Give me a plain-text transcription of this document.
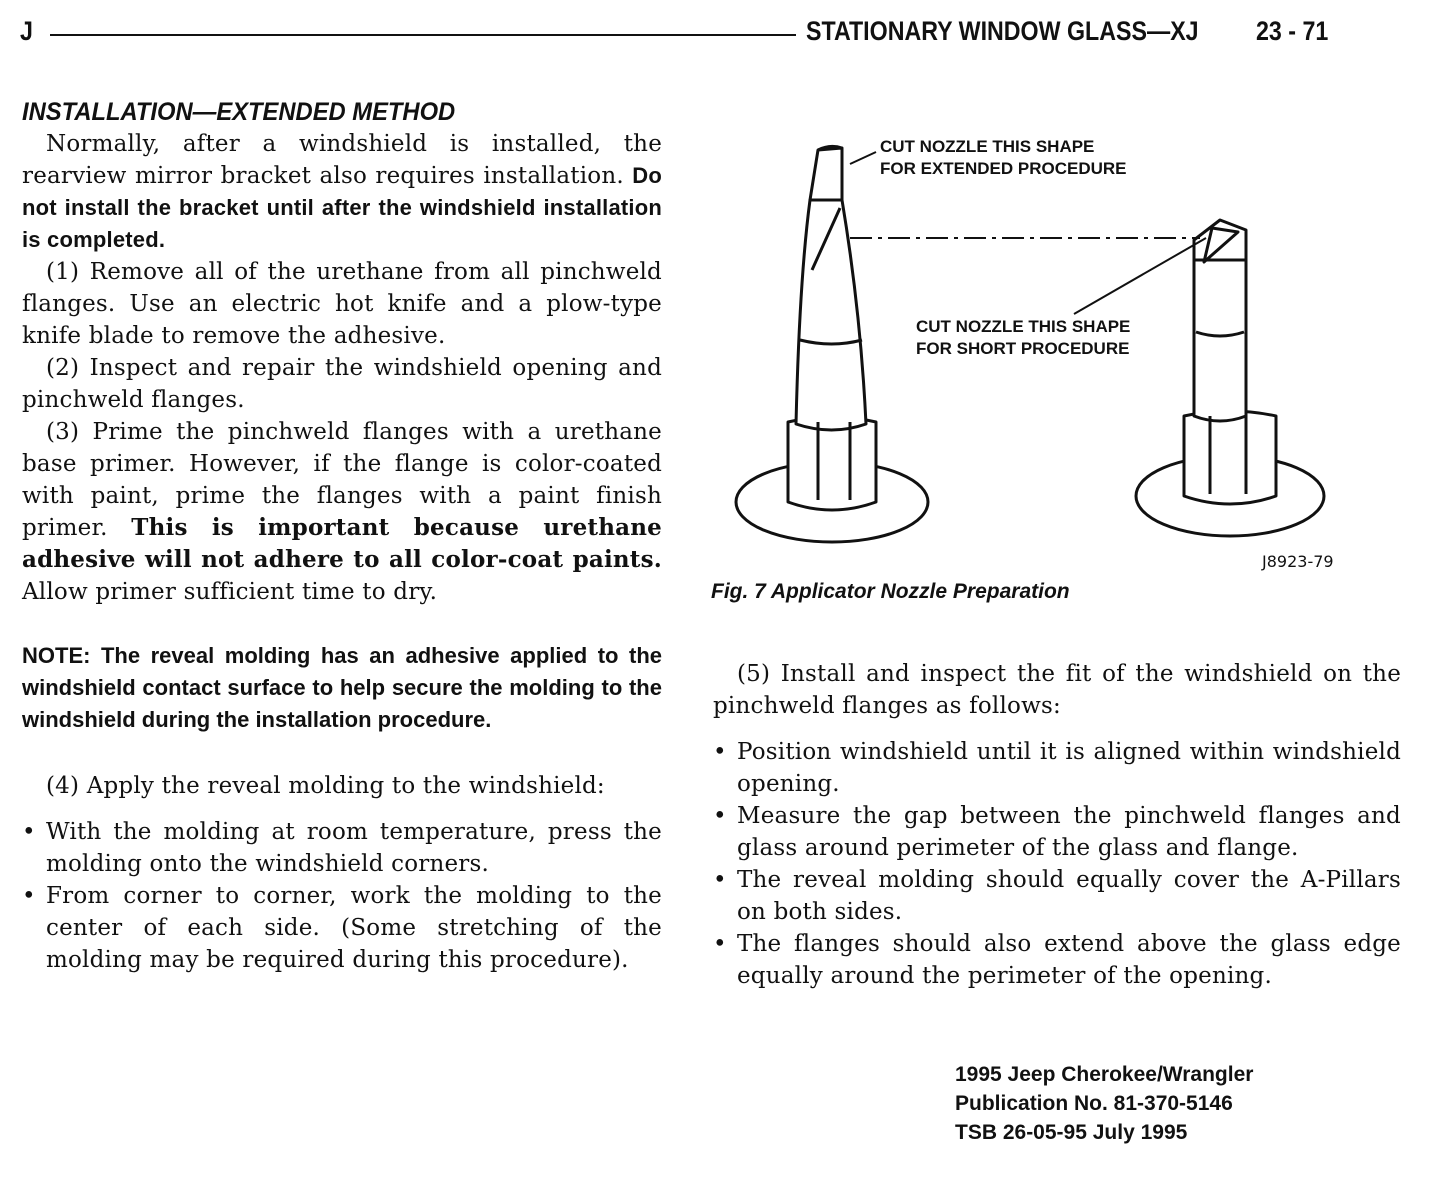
J	STATIONARY WINDOW GLASS—XJ 23 - 71
INSTALLATION—EXTENDED METHOD

Normally, after a windshield is installed, the rearview mirror bracket also requires installation. Do not install the bracket until after the windshield installation is completed.

(1) Remove all of the urethane from all pinchweld flanges. Use an electric hot knife and a plow-type knife blade to remove the adhesive.

(2) Inspect and repair the windshield opening and pinchweld flanges.

(3) Prime the pinchweld flanges with a urethane base primer. However, if the flange is color-coated with paint, prime the flanges with a paint finish primer. This is important because urethane adhesive will not adhere to all color-coat paints. Allow primer sufficient time to dry.

NOTE: The reveal molding has an adhesive applied to the windshield contact surface to help secure the molding to the windshield during the installation procedure.

(4) Apply the reveal molding to the windshield:

• With the molding at room temperature, press the molding onto the windshield corners.
• From corner to corner, work the molding to the center of each side. (Some stretching of the molding may be required during this procedure).
CUT NOZZLE THIS SHAPE
FOR EXTENDED PROCEDURE
CUT NOZZLE THIS SHAPE
FOR SHORT PROCEDURE
J8923-79
Fig. 7 Applicator Nozzle Preparation

(5) Install and inspect the fit of the windshield on the pinchweld flanges as follows:

• Position windshield until it is aligned within windshield opening.
• Measure the gap between the pinchweld flanges and glass around perimeter of the glass and flange.
• The reveal molding should equally cover the A-Pillars on both sides.
• The flanges should also extend above the glass edge equally around the perimeter of the opening.
1995 Jeep Cherokee/Wrangler
Publication No. 81-370-5146
TSB 26-05-95 July 1995
